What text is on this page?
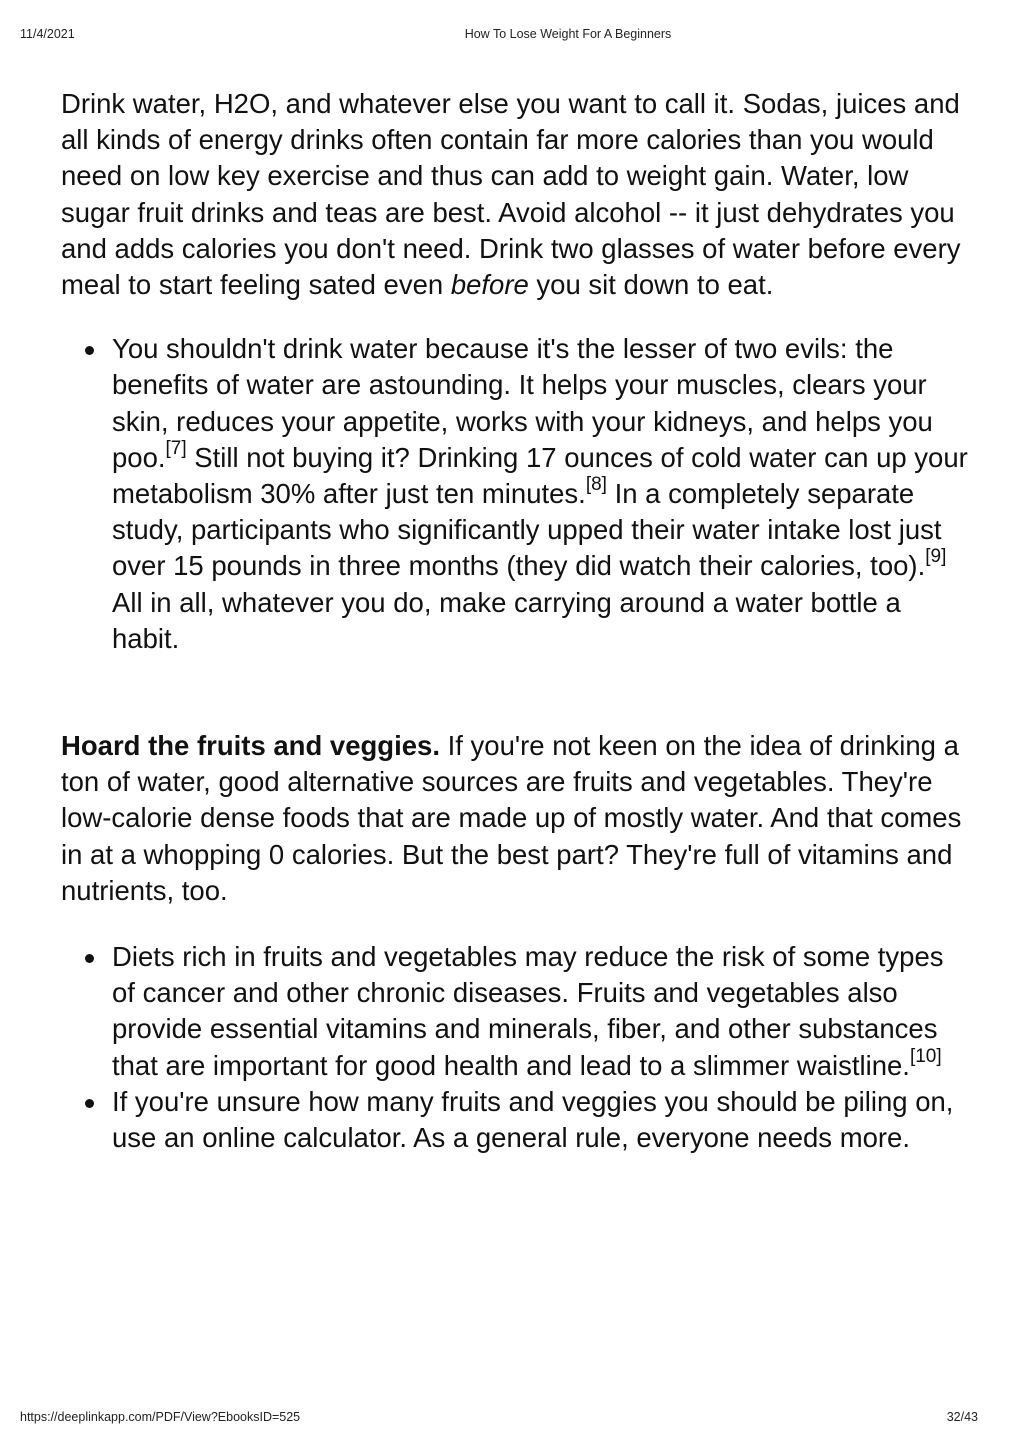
11/4/2021	How To Lose Weight For A Beginners

Drink water, H2O, and whatever else you want to call it. Sodas, juices and all kinds of energy drinks often contain far more calories than you would need on low key exercise and thus can add to weight gain. Water, low sugar fruit drinks and teas are best. Avoid alcohol -- it just dehydrates you and adds calories you don't need. Drink two glasses of water before every meal to start feeling sated even before you sit down to eat.

You shouldn't drink water because it's the lesser of two evils: the benefits of water are astounding. It helps your muscles, clears your skin, reduces your appetite, works with your kidneys, and helps you poo.[7] Still not buying it? Drinking 17 ounces of cold water can up your metabolism 30% after just ten minutes.[8] In a completely separate study, participants who significantly upped their water intake lost just over 15 pounds in three months (they did watch their calories, too).[9] All in all, whatever you do, make carrying around a water bottle a habit.

Hoard the fruits and veggies. If you're not keen on the idea of drinking a ton of water, good alternative sources are fruits and vegetables. They're low-calorie dense foods that are made up of mostly water. And that comes in at a whopping 0 calories. But the best part? They're full of vitamins and nutrients, too.

Diets rich in fruits and vegetables may reduce the risk of some types of cancer and other chronic diseases. Fruits and vegetables also provide essential vitamins and minerals, fiber, and other substances that are important for good health and lead to a slimmer waistline.[10]
If you're unsure how many fruits and veggies you should be piling on, use an online calculator. As a general rule, everyone needs more.
https://deeplinkapp.com/PDF/View?EbooksID=525	32/43
